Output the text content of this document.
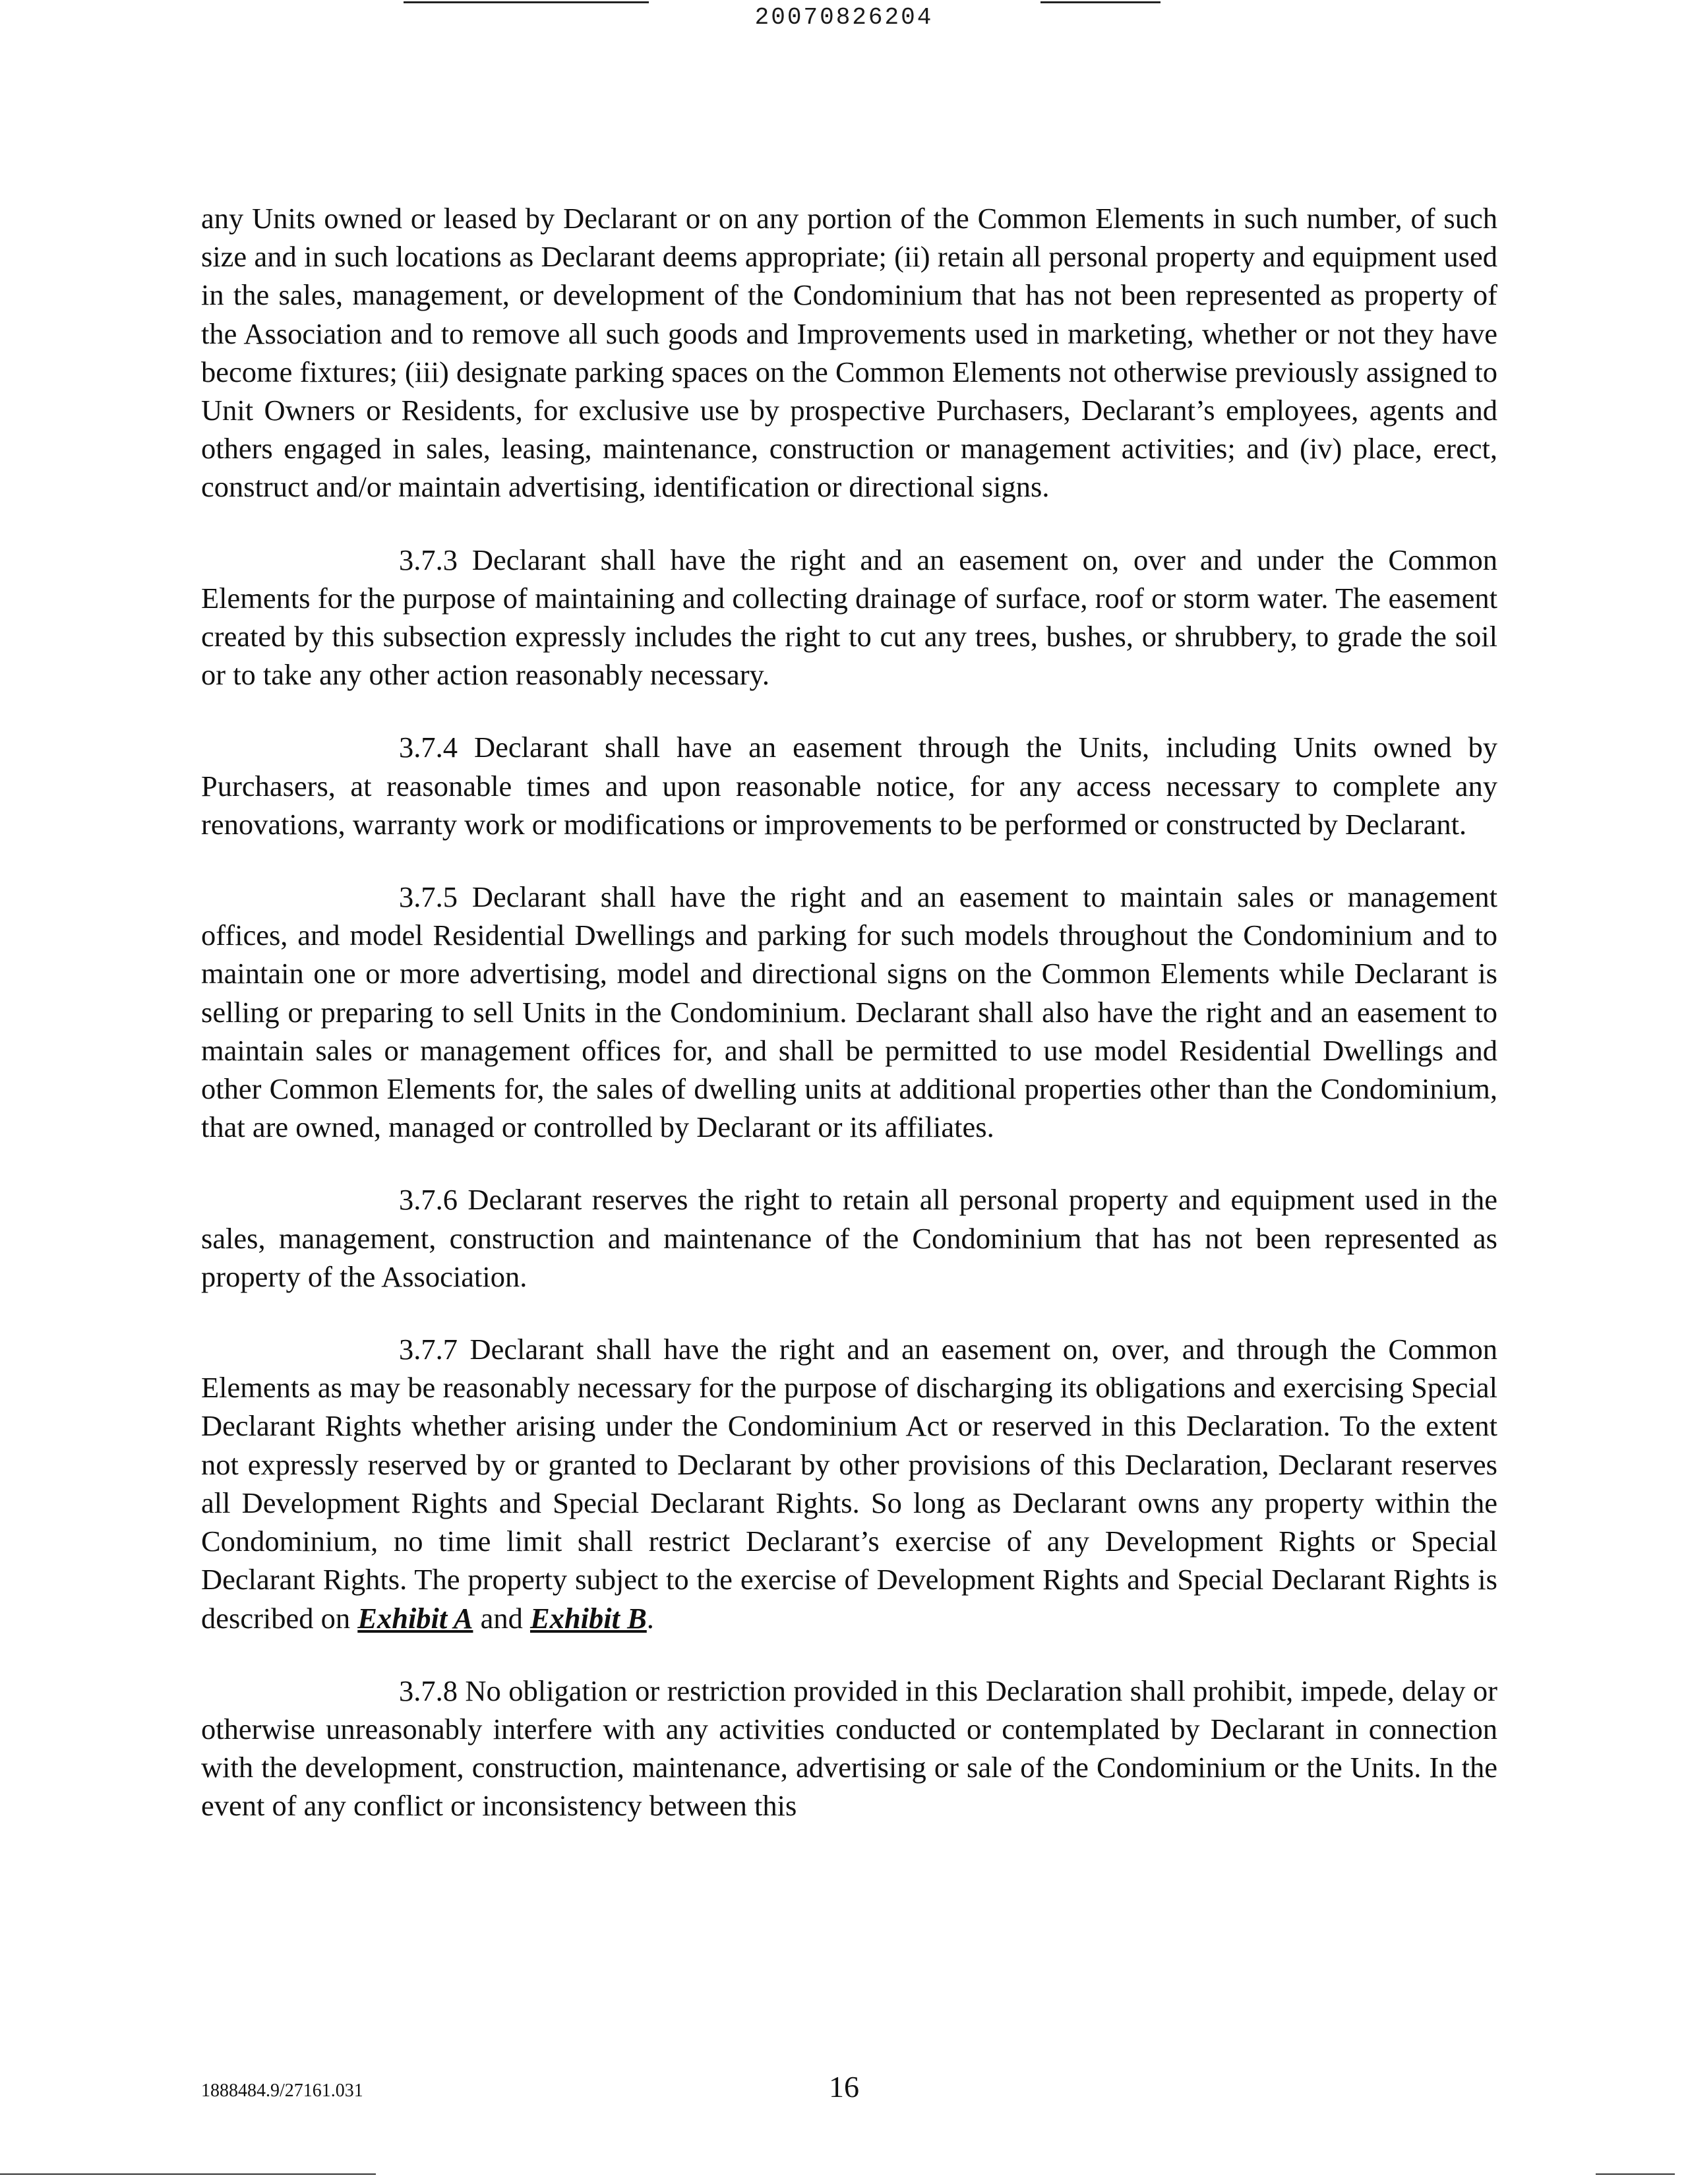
20070826204

any Units owned or leased by Declarant or on any portion of the Common Elements in such number, of such size and in such locations as Declarant deems appropriate; (ii) retain all personal property and equipment used in the sales, management, or development of the Condominium that has not been represented as property of the Association and to remove all such goods and Improvements used in marketing, whether or not they have become fixtures; (iii) designate parking spaces on the Common Elements not otherwise previously assigned to Unit Owners or Residents, for exclusive use by prospective Purchasers, Declarant’s employees, agents and others engaged in sales, leasing, maintenance, construction or management activities; and (iv) place, erect, construct and/or maintain advertising, identification or directional signs.

3.7.3 Declarant shall have the right and an easement on, over and under the Common Elements for the purpose of maintaining and collecting drainage of surface, roof or storm water. The easement created by this subsection expressly includes the right to cut any trees, bushes, or shrubbery, to grade the soil or to take any other action reasonably necessary.

3.7.4 Declarant shall have an easement through the Units, including Units owned by Purchasers, at reasonable times and upon reasonable notice, for any access necessary to complete any renovations, warranty work or modifications or improvements to be performed or constructed by Declarant.

3.7.5 Declarant shall have the right and an easement to maintain sales or management offices, and model Residential Dwellings and parking for such models throughout the Condominium and to maintain one or more advertising, model and directional signs on the Common Elements while Declarant is selling or preparing to sell Units in the Condominium. Declarant shall also have the right and an easement to maintain sales or management offices for, and shall be permitted to use model Residential Dwellings and other Common Elements for, the sales of dwelling units at additional properties other than the Condominium, that are owned, managed or controlled by Declarant or its affiliates.

3.7.6 Declarant reserves the right to retain all personal property and equipment used in the sales, management, construction and maintenance of the Condominium that has not been represented as property of the Association.

3.7.7 Declarant shall have the right and an easement on, over, and through the Common Elements as may be reasonably necessary for the purpose of discharging its obligations and exercising Special Declarant Rights whether arising under the Condominium Act or reserved in this Declaration. To the extent not expressly reserved by or granted to Declarant by other provisions of this Declaration, Declarant reserves all Development Rights and Special Declarant Rights. So long as Declarant owns any property within the Condominium, no time limit shall restrict Declarant’s exercise of any Development Rights or Special Declarant Rights. The property subject to the exercise of Development Rights and Special Declarant Rights is described on Exhibit A and Exhibit B.

3.7.8 No obligation or restriction provided in this Declaration shall prohibit, impede, delay or otherwise unreasonably interfere with any activities conducted or contemplated by Declarant in connection with the development, construction, maintenance, advertising or sale of the Condominium or the Units. In the event of any conflict or inconsistency between this

1888484.9/27161.031	16
